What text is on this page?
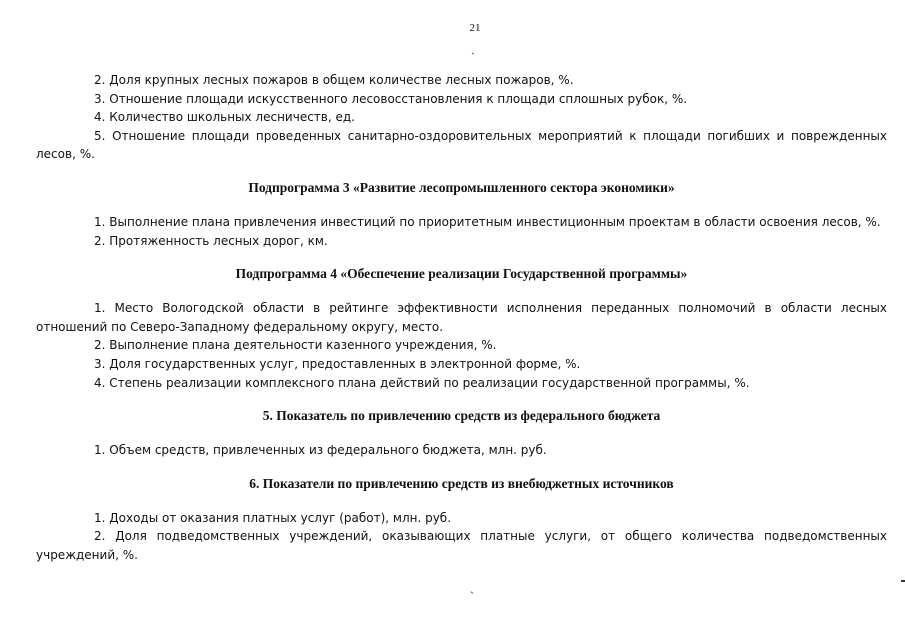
21
`

2. Доля крупных лесных пожаров в общем количестве лесных пожаров, %.

3. Отношение площади искусственного лесовосстановления к площади сплошных рубок, %.

4. Количество школьных лесничеств, ед.

5. Отношение площади проведенных санитарно-оздоровительных мероприятий к площади погибших и поврежденных лесов, %.

Подпрограмма 3 «Развитие лесопромышленного сектора экономики»

1. Выполнение плана привлечения инвестиций по приоритетным инвестиционным проектам в области освоения лесов, %.

2. Протяженность лесных дорог, км.

Подпрограмма 4 «Обеспечение реализации Государственной программы»

1. Место Вологодской области в рейтинге эффективности исполнения переданных полномочий в области лесных отношений по Северо-Западному федеральному округу, место.

2. Выполнение плана деятельности казенного учреждения, %.

3. Доля государственных услуг, предоставленных в электронной форме, %.

4. Степень реализации комплексного плана действий по реализации государственной программы, %.

5. Показатель по привлечению средств из федерального бюджета

1. Объем средств, привлеченных из федерального бюджета, млн. руб.

6. Показатели по привлечению средств из внебюджетных источников

1. Доходы от оказания платных услуг (работ), млн. руб.

2. Доля подведомственных учреждений, оказывающих платные услуги, от общего количества подведомственных учреждений, %.

`
